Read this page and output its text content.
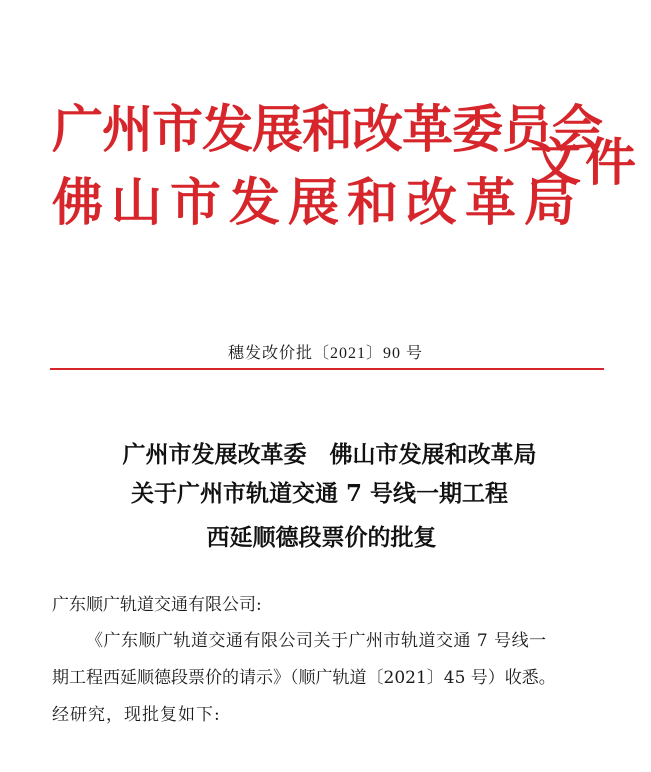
广州市发展和改革委员会
佛山市发展和改革局
文件
穗发改价批〔2021〕90 号
广州市发展改革委　佛山市发展和改革局
关于广州市轨道交通 7 号线一期工程
西延顺德段票价的批复
广东顺广轨道交通有限公司:
《广东顺广轨道交通有限公司关于广州市轨道交通 7 号线一
期工程西延顺德段票价的请示》（顺广轨道〔2021〕45 号）收悉。
经研究，现批复如下:
